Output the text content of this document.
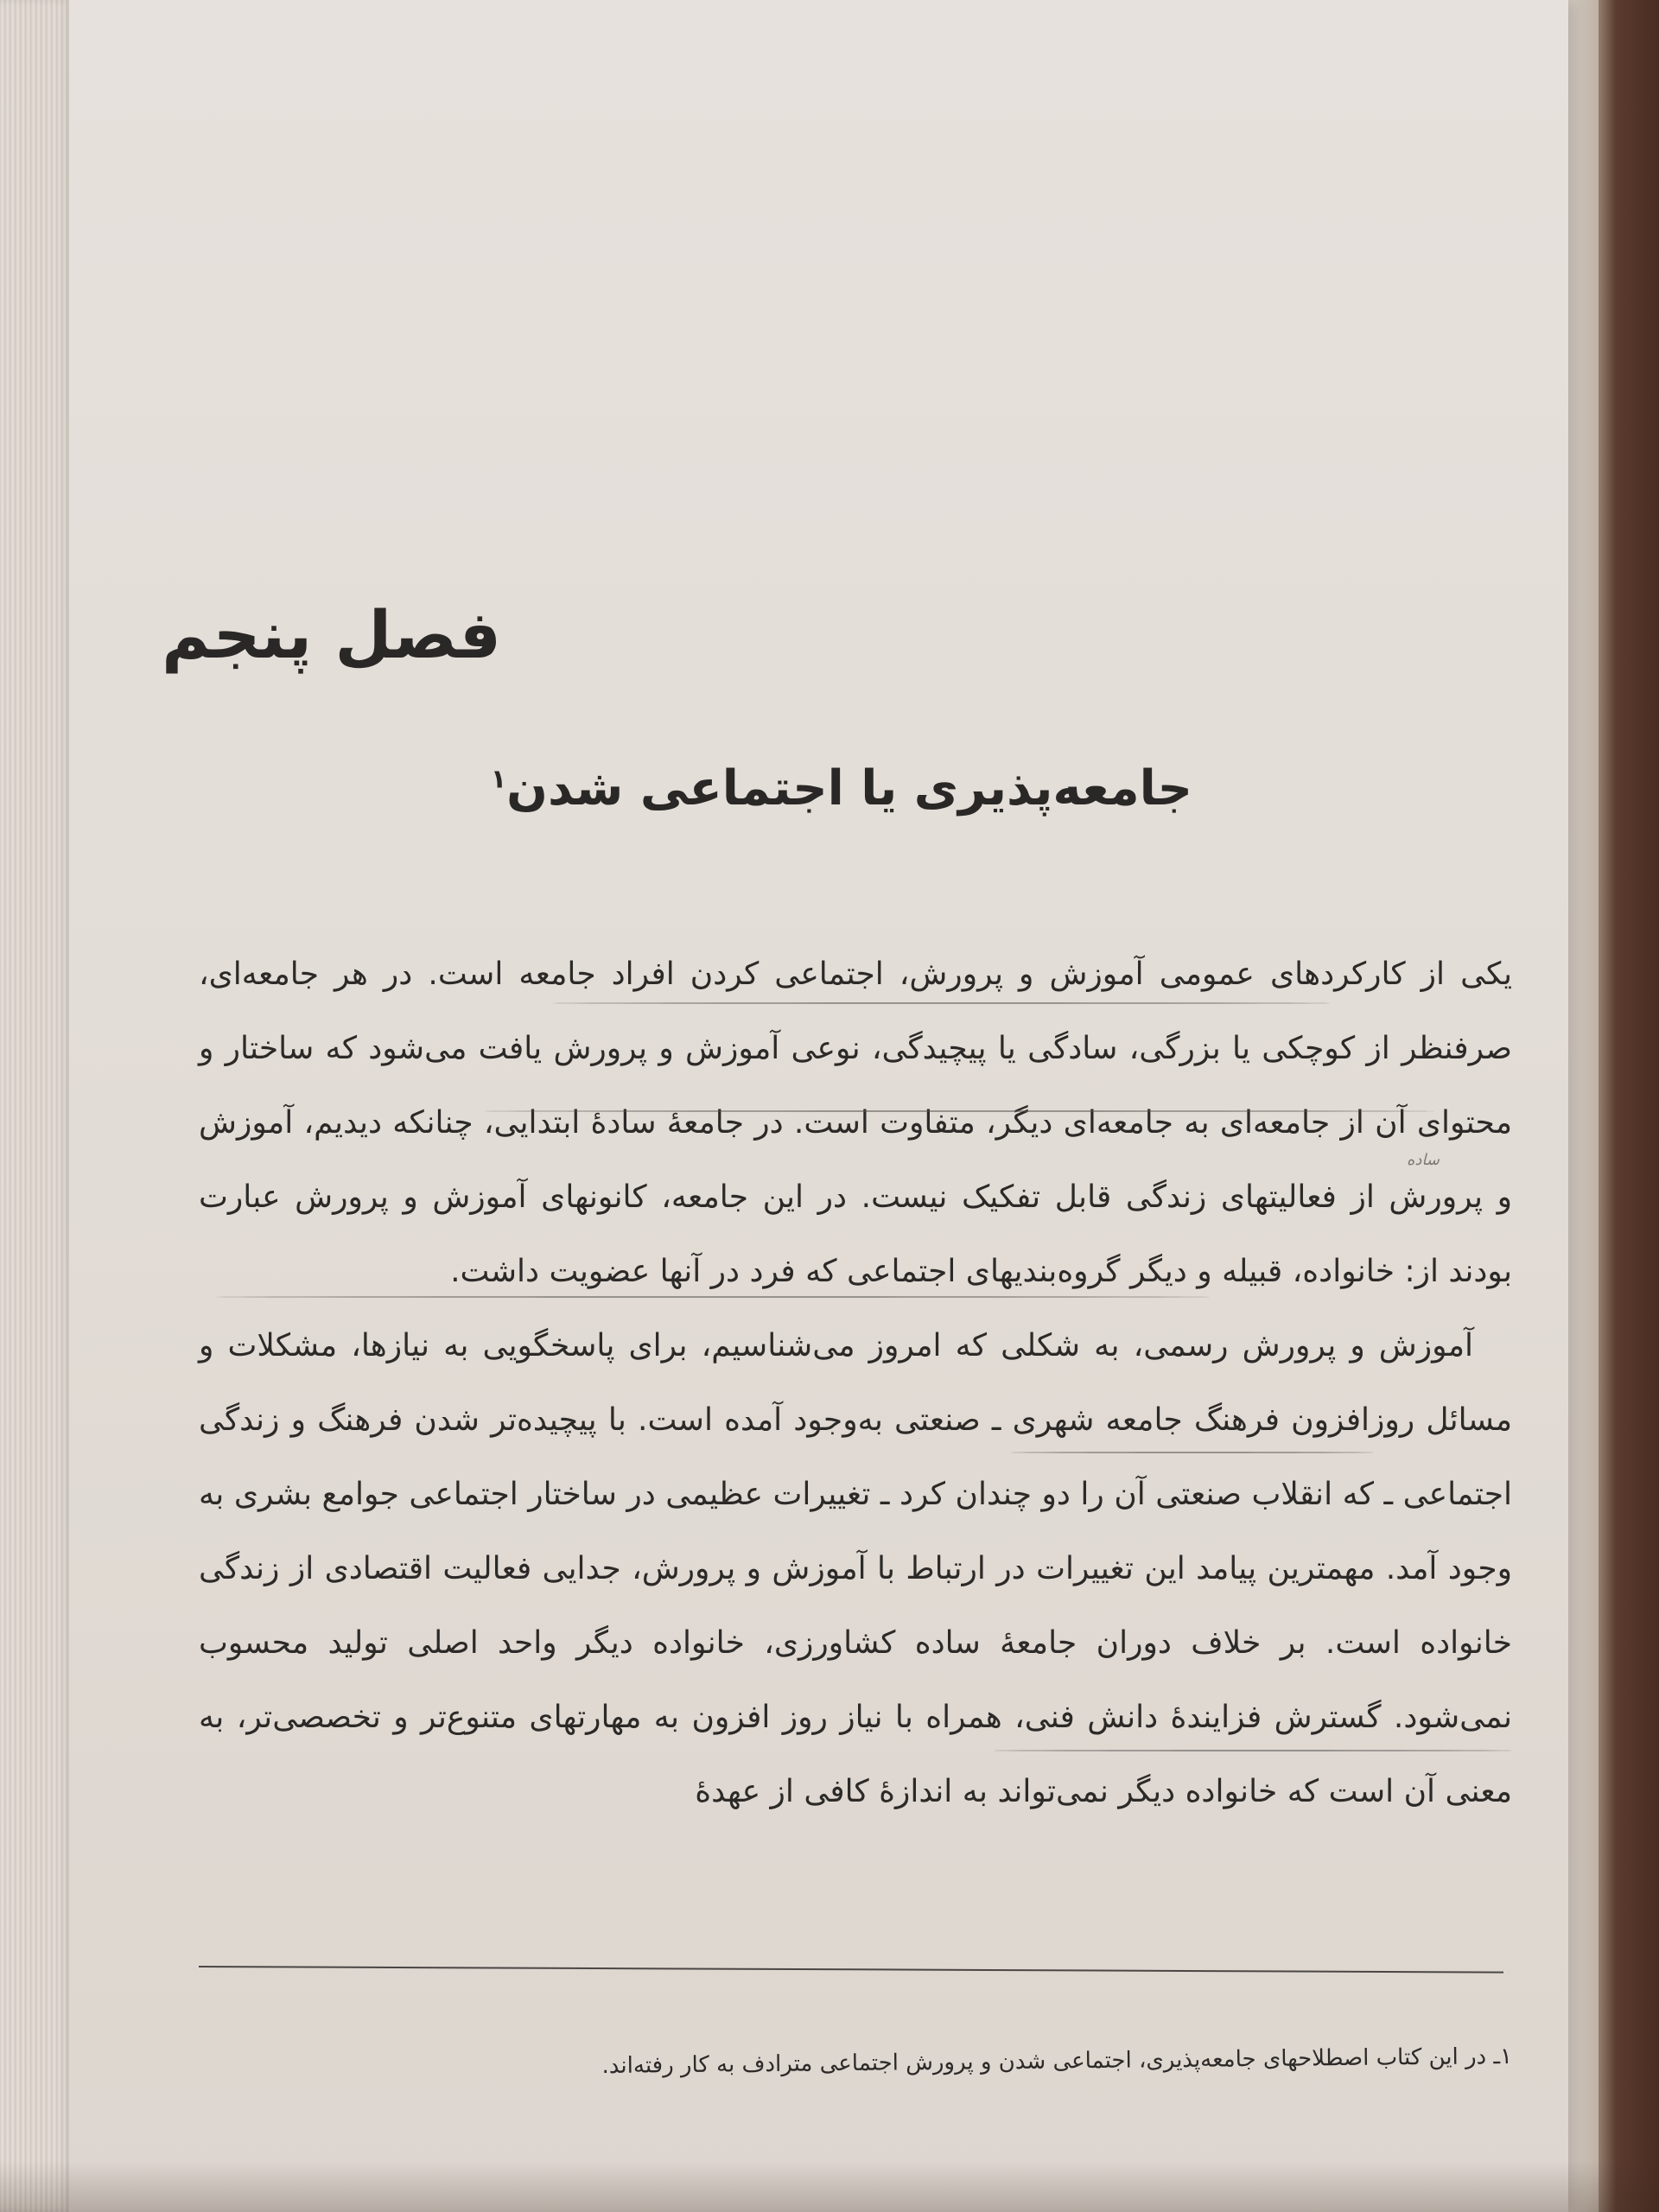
فصل پنجم
جامعه‌پذیری یا اجتماعی شدن$^۱$
ساده

یکی از کارکردهای عمومی آموزش و پرورش، اجتماعی کردن افراد جامعه است. در هر جامعه‌ای، صرفنظر از کوچکی یا بزرگی، سادگی یا پیچیدگی، نوعی آموزش و پرورش یافت می‌شود که ساختار و محتوای آن از جامعه‌ای به جامعه‌ای دیگر، متفاوت است. در جامعهٔ سادهٔ ابتدایی، چنانکه دیدیم، آموزش و پرورش از فعالیتهای زندگی قابل تفکیک نیست. در این جامعه، کانونهای آموزش و پرورش عبارت بودند از: خانواده، قبیله و دیگر گروه‌بندیهای اجتماعی که فرد در آنها عضویت داشت.

آموزش و پرورش رسمی، به شکلی که امروز می‌شناسیم، برای پاسخگویی به نیازها، مشکلات و مسائل روزافزون فرهنگ جامعه شهری ـ صنعتی به‌وجود آمده است. با پیچیده‌تر شدن فرهنگ و زندگی اجتماعی ـ که انقلاب صنعتی آن را دو چندان کرد ـ تغییرات عظیمی در ساختار اجتماعی جوامع بشری به وجود آمد. مهمترین پیامد این تغییرات در ارتباط با آموزش و پرورش، جدایی فعالیت اقتصادی از زندگی خانواده است. بر خلاف دوران جامعهٔ ساده کشاورزی، خانواده دیگر واحد اصلی تولید محسوب نمی‌شود. گسترش فزایندهٔ دانش فنی، همراه با نیاز روز افزون به مهارتهای متنوع‌تر و تخصصی‌تر، به معنی آن است که خانواده دیگر نمی‌تواند به اندازهٔ کافی از عهدهٔ

۱ـ در این کتاب اصطلاحهای جامعه‌پذیری، اجتماعی شدن و پرورش اجتماعی مترادف به کار رفته‌اند.
